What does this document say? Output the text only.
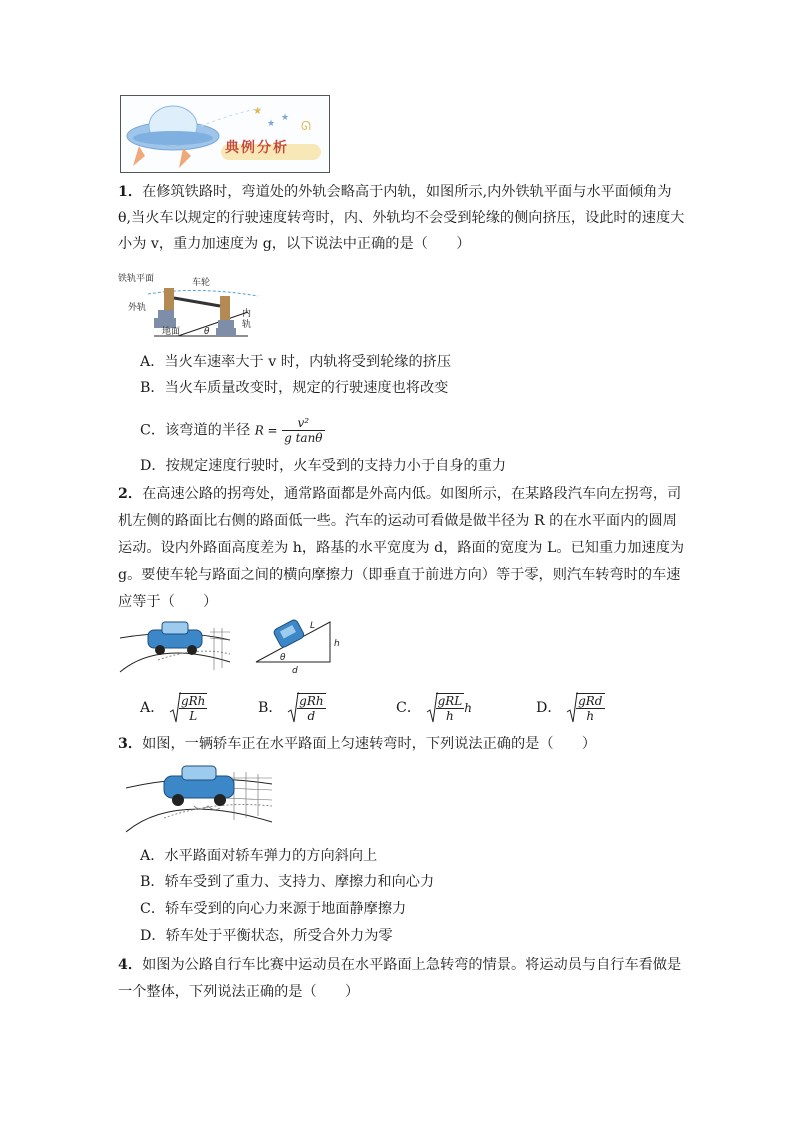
★
★
★
ᘏ
典例分析
1．在修筑铁路时，弯道处的外轨会略高于内轨，如图所示,内外铁轨平面与水平面倾角为
θ,当火车以规定的行驶速度转弯时，内、外轨均不会受到轮缘的侧向挤压，设此时的速度大
小为 v，重力加速度为 g，以下说法中正确的是（　　）
铁轨平面	车轮
外轨
内
轨
地面	θ
A．当火车速率大于 v 时，内轨将受到轮缘的挤压
B．当火车质量改变时，规定的行驶速度也将改变
C．该弯道的半径 $R = \frac{\text{v²}}{\text{g tanθ}}$
D．按规定速度行驶时，火车受到的支持力小于自身的重力
2．在高速公路的拐弯处，通常路面都是外高内低。如图所示，在某路段汽车向左拐弯，司
机左侧的路面比右侧的路面低一些。汽车的运动可看做是做半径为 R 的在水平面内的圆周
运动。设内外路面高度差为 h，路基的水平宽度为 d，路面的宽度为 L。已知重力加速度为
g。要使车轮与路面之间的横向摩擦力（即垂直于前进方向）等于零，则汽车转弯时的车速
应等于（　　）
L
h
θ
d
A． $\frac{\text{gRh}}{L}$	B． $\frac{\text{gRh}}{d}$	C． $\frac{\text{gRL}}{h}$ h	D． $\frac{\text{gRd}}{h}$
3．如图，一辆轿车正在水平路面上匀速转弯时，下列说法正确的是（　　）
A．水平路面对轿车弹力的方向斜向上
B．轿车受到了重力、支持力、摩擦力和向心力
C．轿车受到的向心力来源于地面静摩擦力
D．轿车处于平衡状态，所受合外力为零
4．如图为公路自行车比赛中运动员在水平路面上急转弯的情景。将运动员与自行车看做是
一个整体，下列说法正确的是（　　）
